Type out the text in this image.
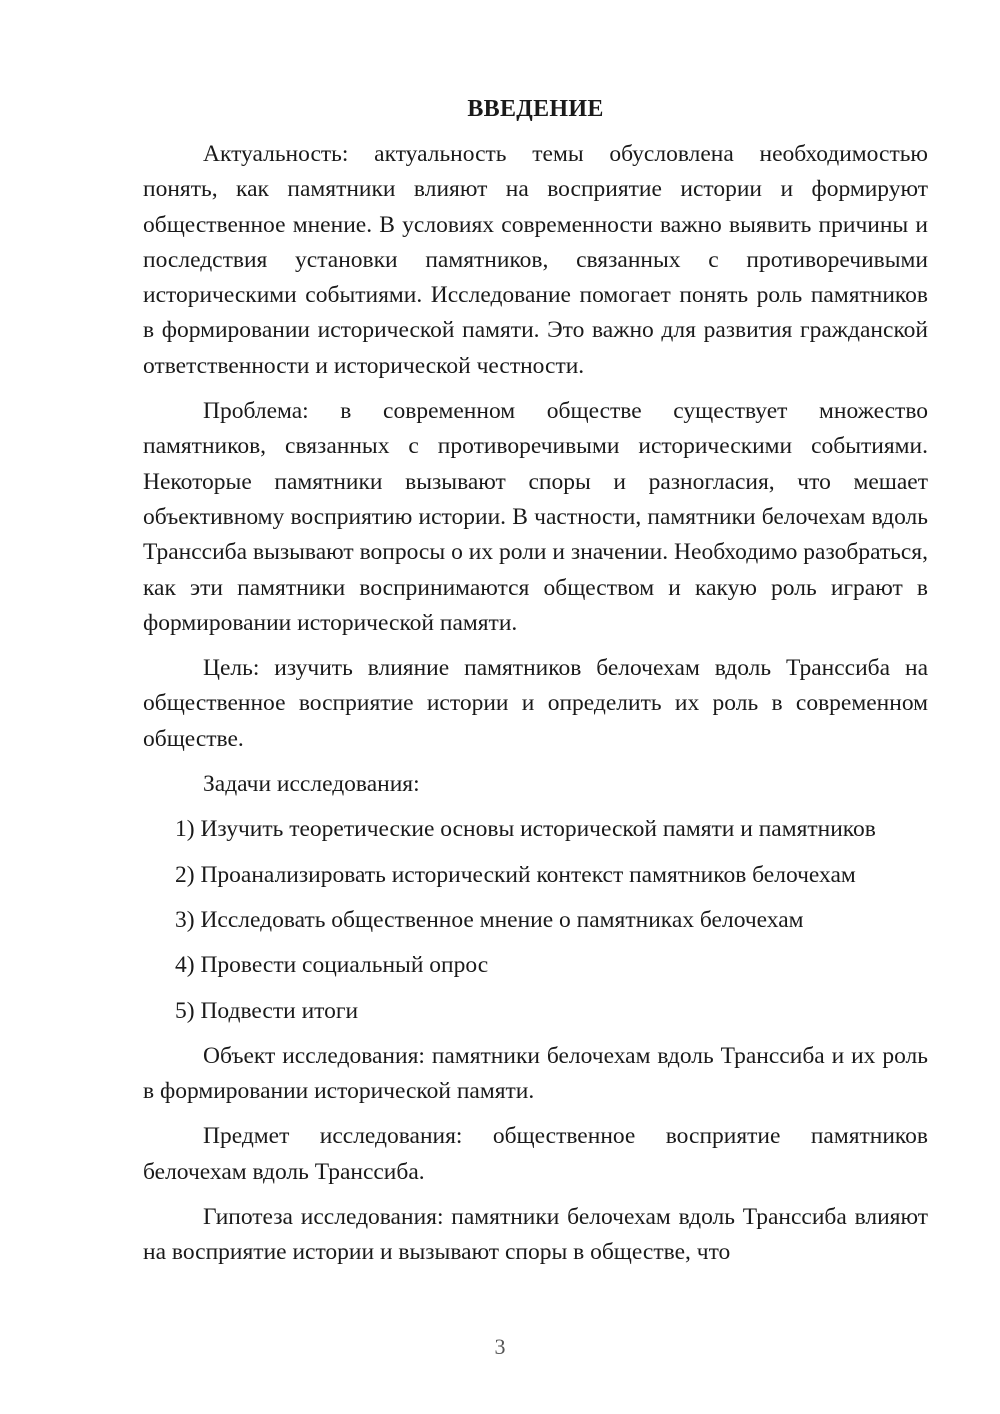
ВВЕДЕНИЕ

Актуальность: актуальность темы обусловлена необходимостью понять, как памятники влияют на восприятие истории и формируют общественное мнение. В условиях современности важно выявить причины и последствия установки памятников, связанных с противоречивыми историческими событиями. Исследование помогает понять роль памятников в формировании исторической памяти. Это важно для развития гражданской ответственности и исторической честности.

Проблема: в современном обществе существует множество памятников, связанных с противоречивыми историческими событиями. Некоторые памятники вызывают споры и разногласия, что мешает объективному восприятию истории. В частности, памятники белочехам вдоль Транссиба вызывают вопросы о их роли и значении. Необходимо разобраться, как эти памятники воспринимаются обществом и какую роль играют в формировании исторической памяти.

Цель: изучить влияние памятников белочехам вдоль Транссиба на общественное восприятие истории и определить их роль в современном обществе.

Задачи исследования:
1) Изучить теоретические основы исторической памяти и памятников
2) Проанализировать исторический контекст памятников белочехам
3) Исследовать общественное мнение о памятниках белочехам
4) Провести социальный опрос
5) Подвести итоги

Объект исследования: памятники белочехам вдоль Транссиба и их роль в формировании исторической памяти.

Предмет исследования: общественное восприятие памятников белочехам вдоль Транссиба.

Гипотеза исследования: памятники белочехам вдоль Транссиба влияют на восприятие истории и вызывают споры в обществе, что

3
